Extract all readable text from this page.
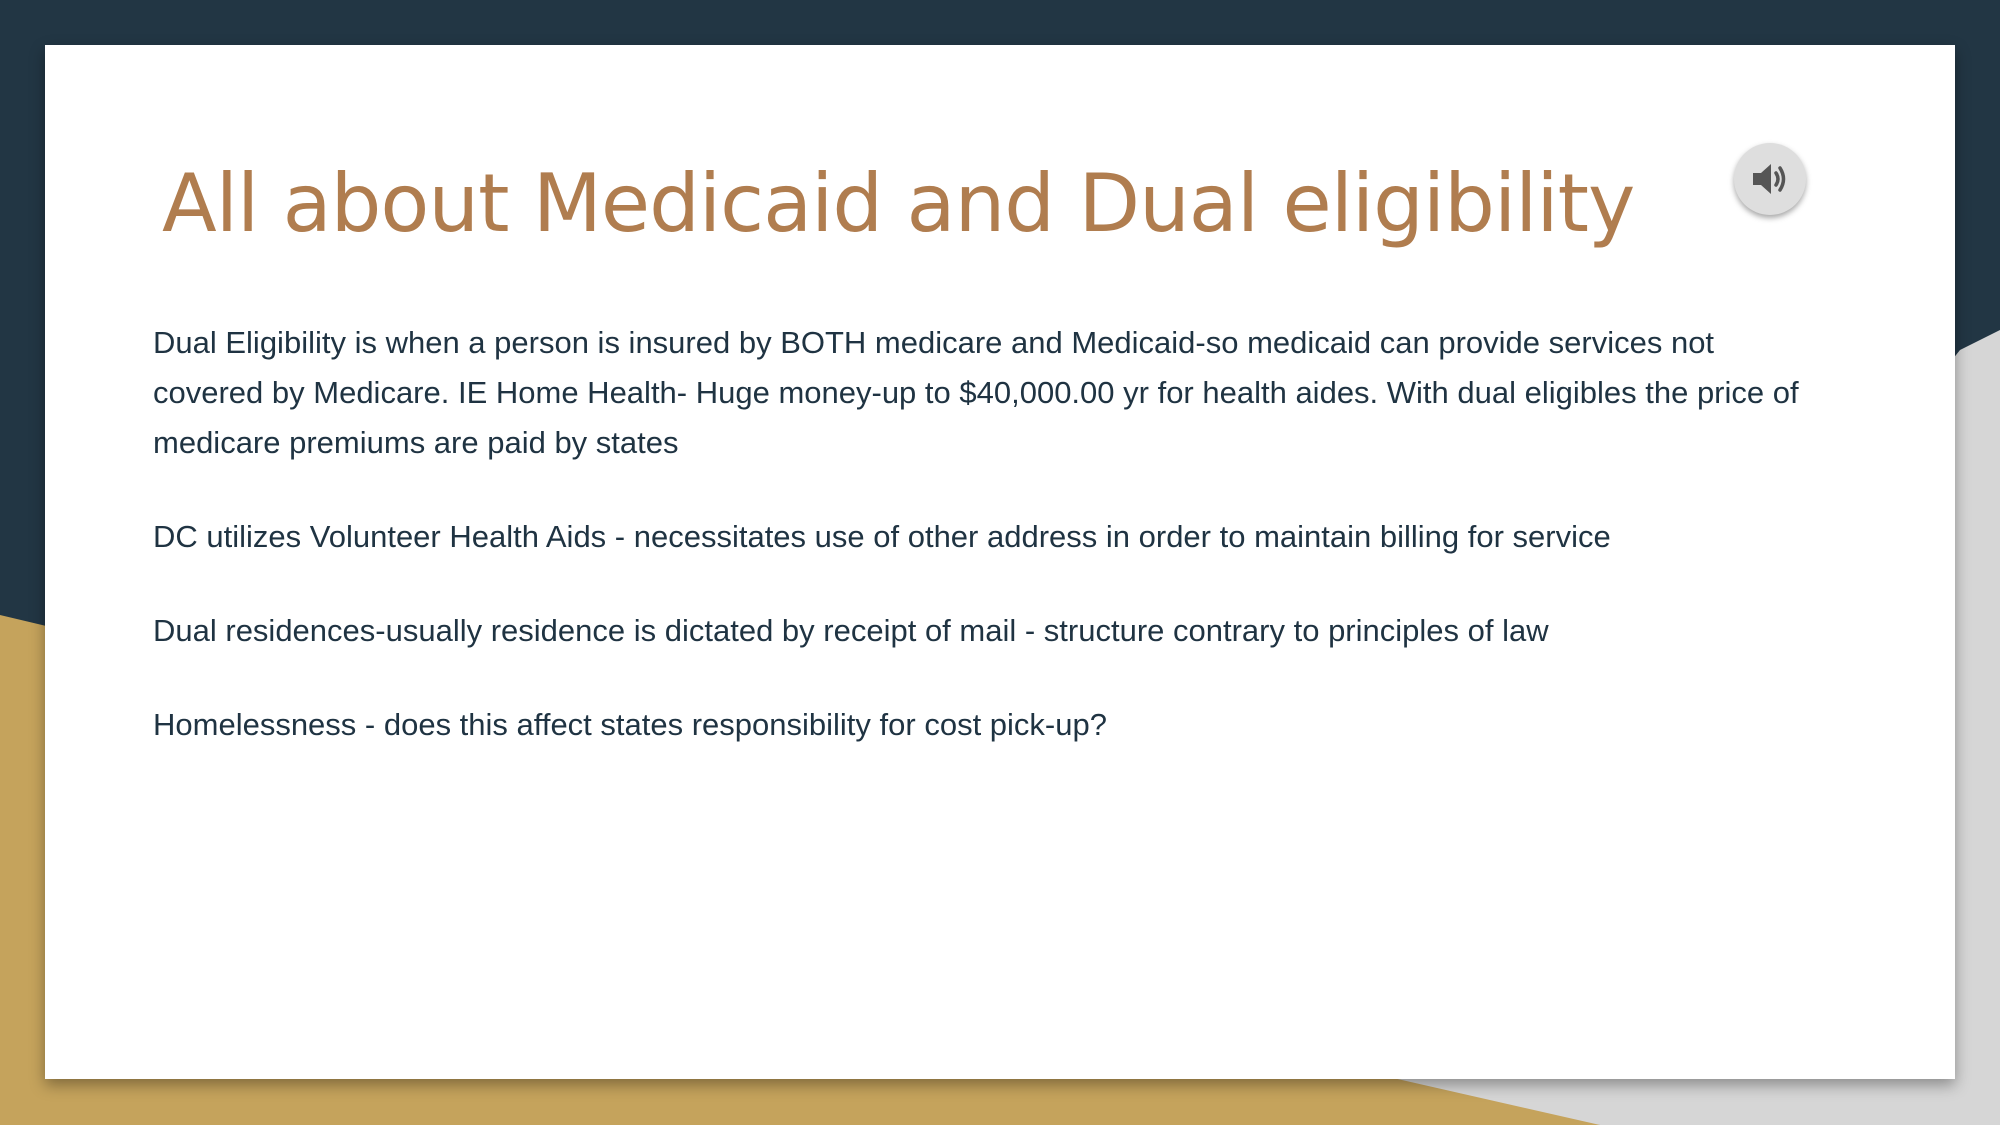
All about Medicaid and Dual eligibility

Dual Eligibility is when a person is insured by BOTH medicare and Medicaid-so medicaid can provide services not covered by Medicare. IE Home Health- Huge money-up to $40,000.00 yr for health aides. With dual eligibles the price of medicare premiums are paid by states

DC utilizes Volunteer Health Aids - necessitates use of other address in order to maintain billing for service

Dual residences-usually residence is dictated by receipt of mail - structure contrary to principles of law

Homelessness - does this affect states responsibility for cost pick-up?
